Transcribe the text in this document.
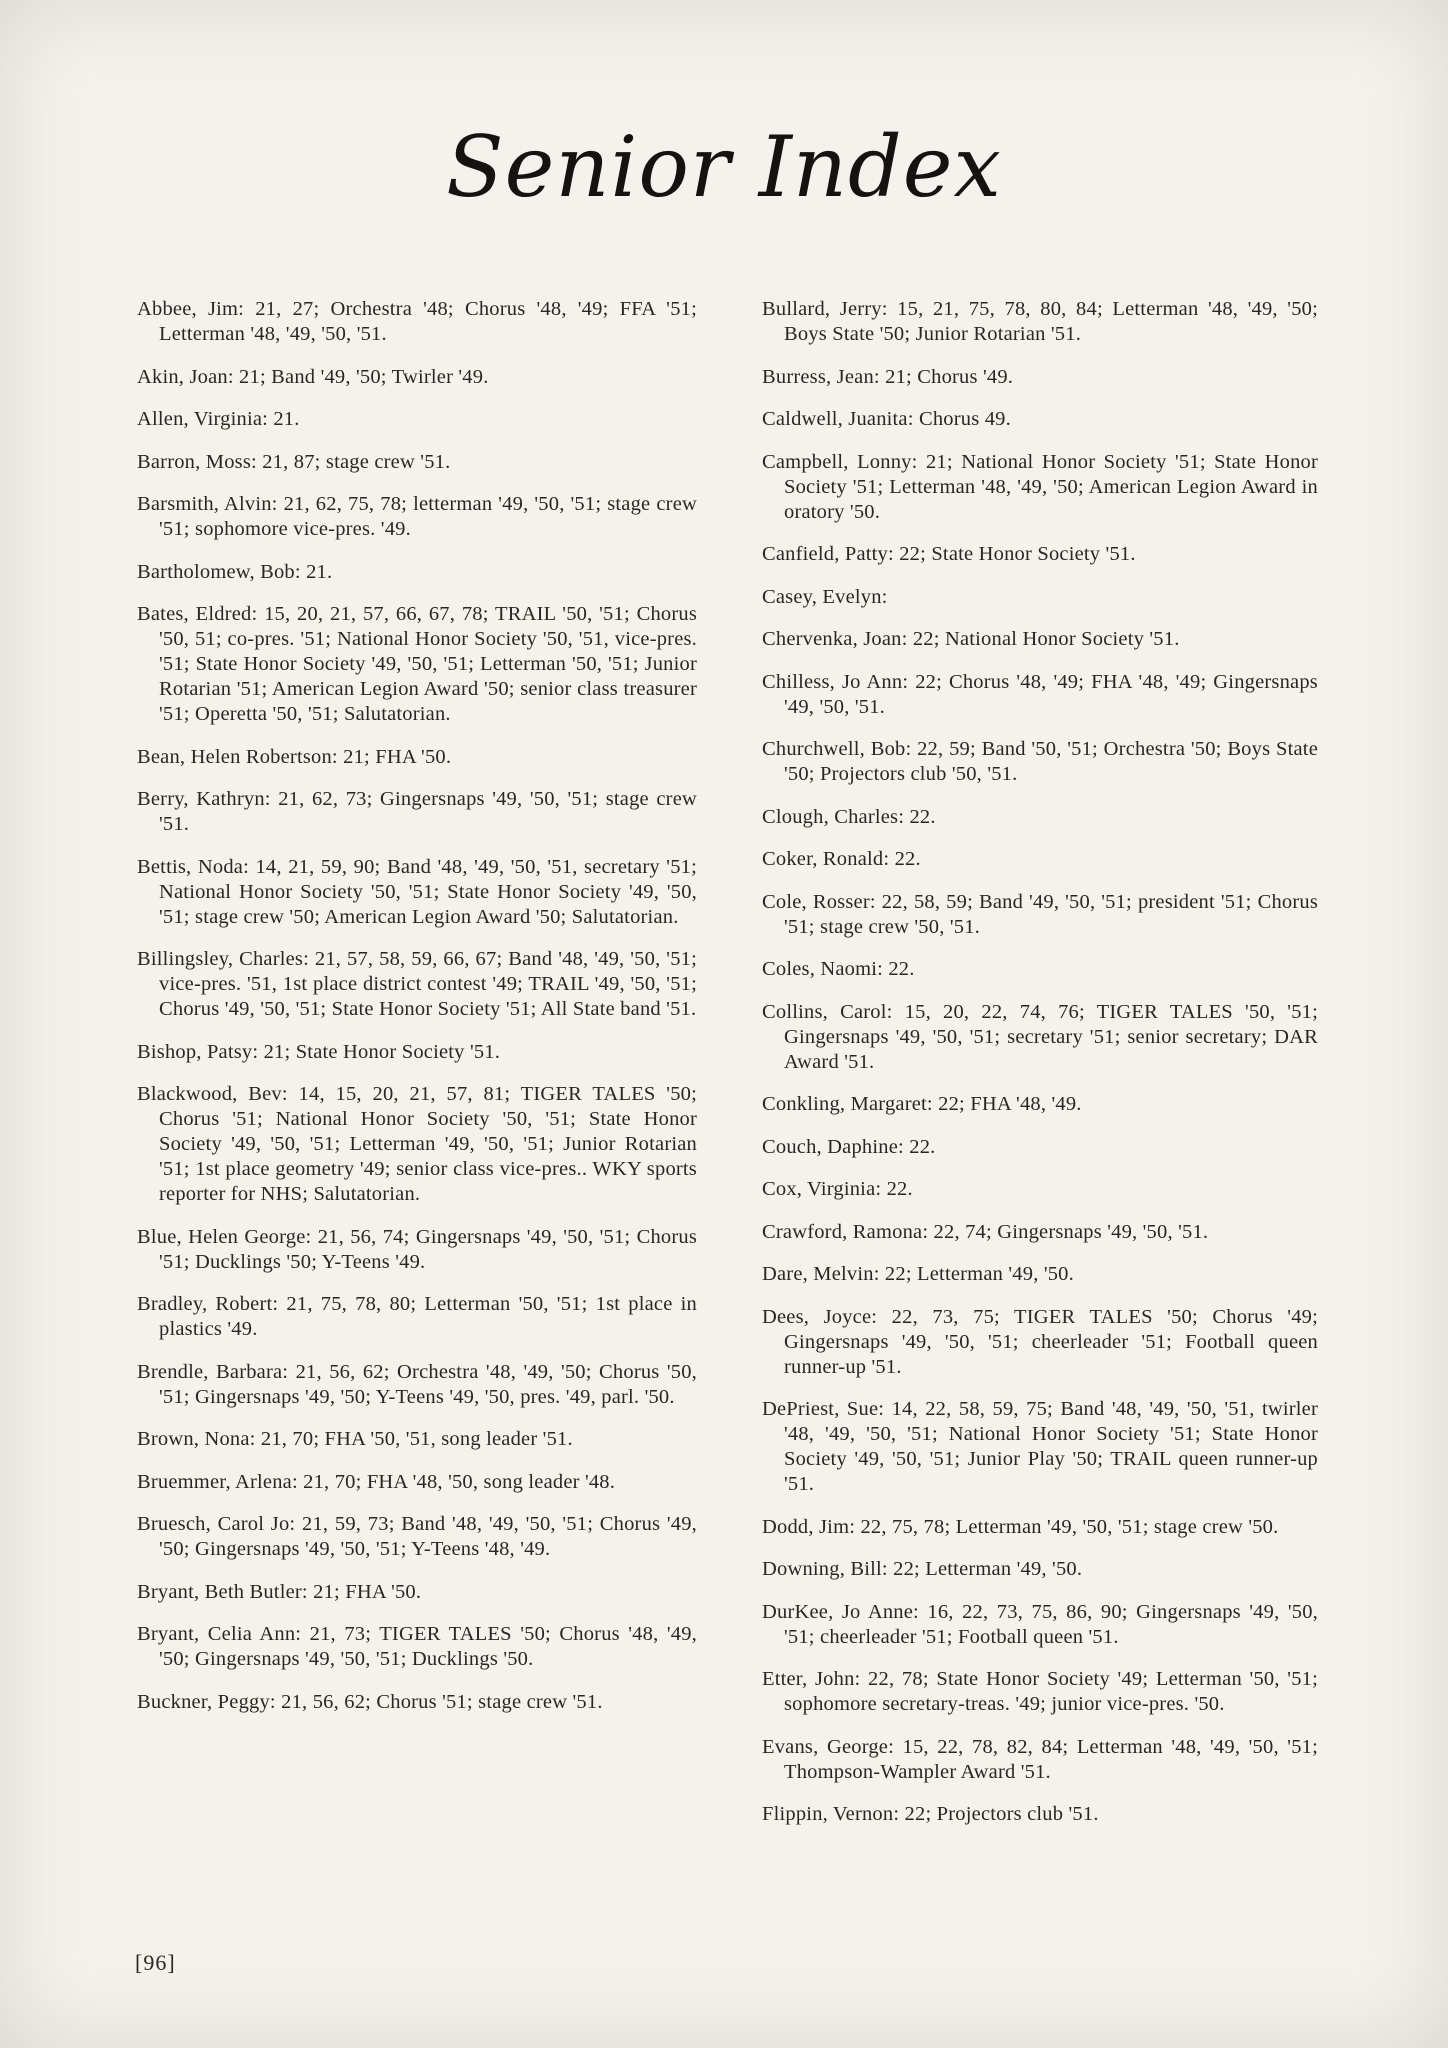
Senior Index

Abbee, Jim: 21, 27; Orchestra '48; Chorus '48, '49; FFA '51; Letterman '48, '49, '50, '51.

Akin, Joan: 21; Band '49, '50; Twirler '49.

Allen, Virginia: 21.

Barron, Moss: 21, 87; stage crew '51.

Barsmith, Alvin: 21, 62, 75, 78; letterman '49, '50, '51; stage crew '51; sophomore vice-pres. '49.

Bartholomew, Bob: 21.

Bates, Eldred: 15, 20, 21, 57, 66, 67, 78; TRAIL '50, '51; Chorus '50, 51; co-pres. '51; National Honor Society '50, '51, vice-pres. '51; State Honor Society '49, '50, '51; Letterman '50, '51; Junior Rotarian '51; American Legion Award '50; senior class treasurer '51; Operetta '50, '51; Salutatorian.

Bean, Helen Robertson: 21; FHA '50.

Berry, Kathryn: 21, 62, 73; Gingersnaps '49, '50, '51; stage crew '51.

Bettis, Noda: 14, 21, 59, 90; Band '48, '49, '50, '51, secretary '51; National Honor Society '50, '51; State Honor Society '49, '50, '51; stage crew '50; American Legion Award '50; Salutatorian.

Billingsley, Charles: 21, 57, 58, 59, 66, 67; Band '48, '49, '50, '51; vice-pres. '51, 1st place district contest '49; TRAIL '49, '50, '51; Chorus '49, '50, '51; State Honor Society '51; All State band '51.

Bishop, Patsy: 21; State Honor Society '51.

Blackwood, Bev: 14, 15, 20, 21, 57, 81; TIGER TALES '50; Chorus '51; National Honor Society '50, '51; State Honor Society '49, '50, '51; Letterman '49, '50, '51; Junior Rotarian '51; 1st place geometry '49; senior class vice-pres.. WKY sports reporter for NHS; Salutatorian.

Blue, Helen George: 21, 56, 74; Gingersnaps '49, '50, '51; Chorus '51; Ducklings '50; Y-Teens '49.

Bradley, Robert: 21, 75, 78, 80; Letterman '50, '51; 1st place in plastics '49.

Brendle, Barbara: 21, 56, 62; Orchestra '48, '49, '50; Chorus '50, '51; Gingersnaps '49, '50; Y-Teens '49, '50, pres. '49, parl. '50.

Brown, Nona: 21, 70; FHA '50, '51, song leader '51.

Bruemmer, Arlena: 21, 70; FHA '48, '50, song leader '48.

Bruesch, Carol Jo: 21, 59, 73; Band '48, '49, '50, '51; Chorus '49, '50; Gingersnaps '49, '50, '51; Y-Teens '48, '49.

Bryant, Beth Butler: 21; FHA '50.

Bryant, Celia Ann: 21, 73; TIGER TALES '50; Chorus '48, '49, '50; Gingersnaps '49, '50, '51; Ducklings '50.

Buckner, Peggy: 21, 56, 62; Chorus '51; stage crew '51.

Bullard, Jerry: 15, 21, 75, 78, 80, 84; Letterman '48, '49, '50; Boys State '50; Junior Rotarian '51.

Burress, Jean: 21; Chorus '49.

Caldwell, Juanita: Chorus 49.

Campbell, Lonny: 21; National Honor Society '51; State Honor Society '51; Letterman '48, '49, '50; American Legion Award in oratory '50.

Canfield, Patty: 22; State Honor Society '51.

Casey, Evelyn:

Chervenka, Joan: 22; National Honor Society '51.

Chilless, Jo Ann: 22; Chorus '48, '49; FHA '48, '49; Gingersnaps '49, '50, '51.

Churchwell, Bob: 22, 59; Band '50, '51; Orchestra '50; Boys State '50; Projectors club '50, '51.

Clough, Charles: 22.

Coker, Ronald: 22.

Cole, Rosser: 22, 58, 59; Band '49, '50, '51; president '51; Chorus '51; stage crew '50, '51.

Coles, Naomi: 22.

Collins, Carol: 15, 20, 22, 74, 76; TIGER TALES '50, '51; Gingersnaps '49, '50, '51; secretary '51; senior secretary; DAR Award '51.

Conkling, Margaret: 22; FHA '48, '49.

Couch, Daphine: 22.

Cox, Virginia: 22.

Crawford, Ramona: 22, 74; Gingersnaps '49, '50, '51.

Dare, Melvin: 22; Letterman '49, '50.

Dees, Joyce: 22, 73, 75; TIGER TALES '50; Chorus '49; Gingersnaps '49, '50, '51; cheerleader '51; Football queen runner-up '51.

DePriest, Sue: 14, 22, 58, 59, 75; Band '48, '49, '50, '51, twirler '48, '49, '50, '51; National Honor Society '51; State Honor Society '49, '50, '51; Junior Play '50; TRAIL queen runner-up '51.

Dodd, Jim: 22, 75, 78; Letterman '49, '50, '51; stage crew '50.

Downing, Bill: 22; Letterman '49, '50.

DurKee, Jo Anne: 16, 22, 73, 75, 86, 90; Gingersnaps '49, '50, '51; cheerleader '51; Football queen '51.

Etter, John: 22, 78; State Honor Society '49; Letterman '50, '51; sophomore secretary-treas. '49; junior vice-pres. '50.

Evans, George: 15, 22, 78, 82, 84; Letterman '48, '49, '50, '51; Thompson-Wampler Award '51.

Flippin, Vernon: 22; Projectors club '51.

[96]
